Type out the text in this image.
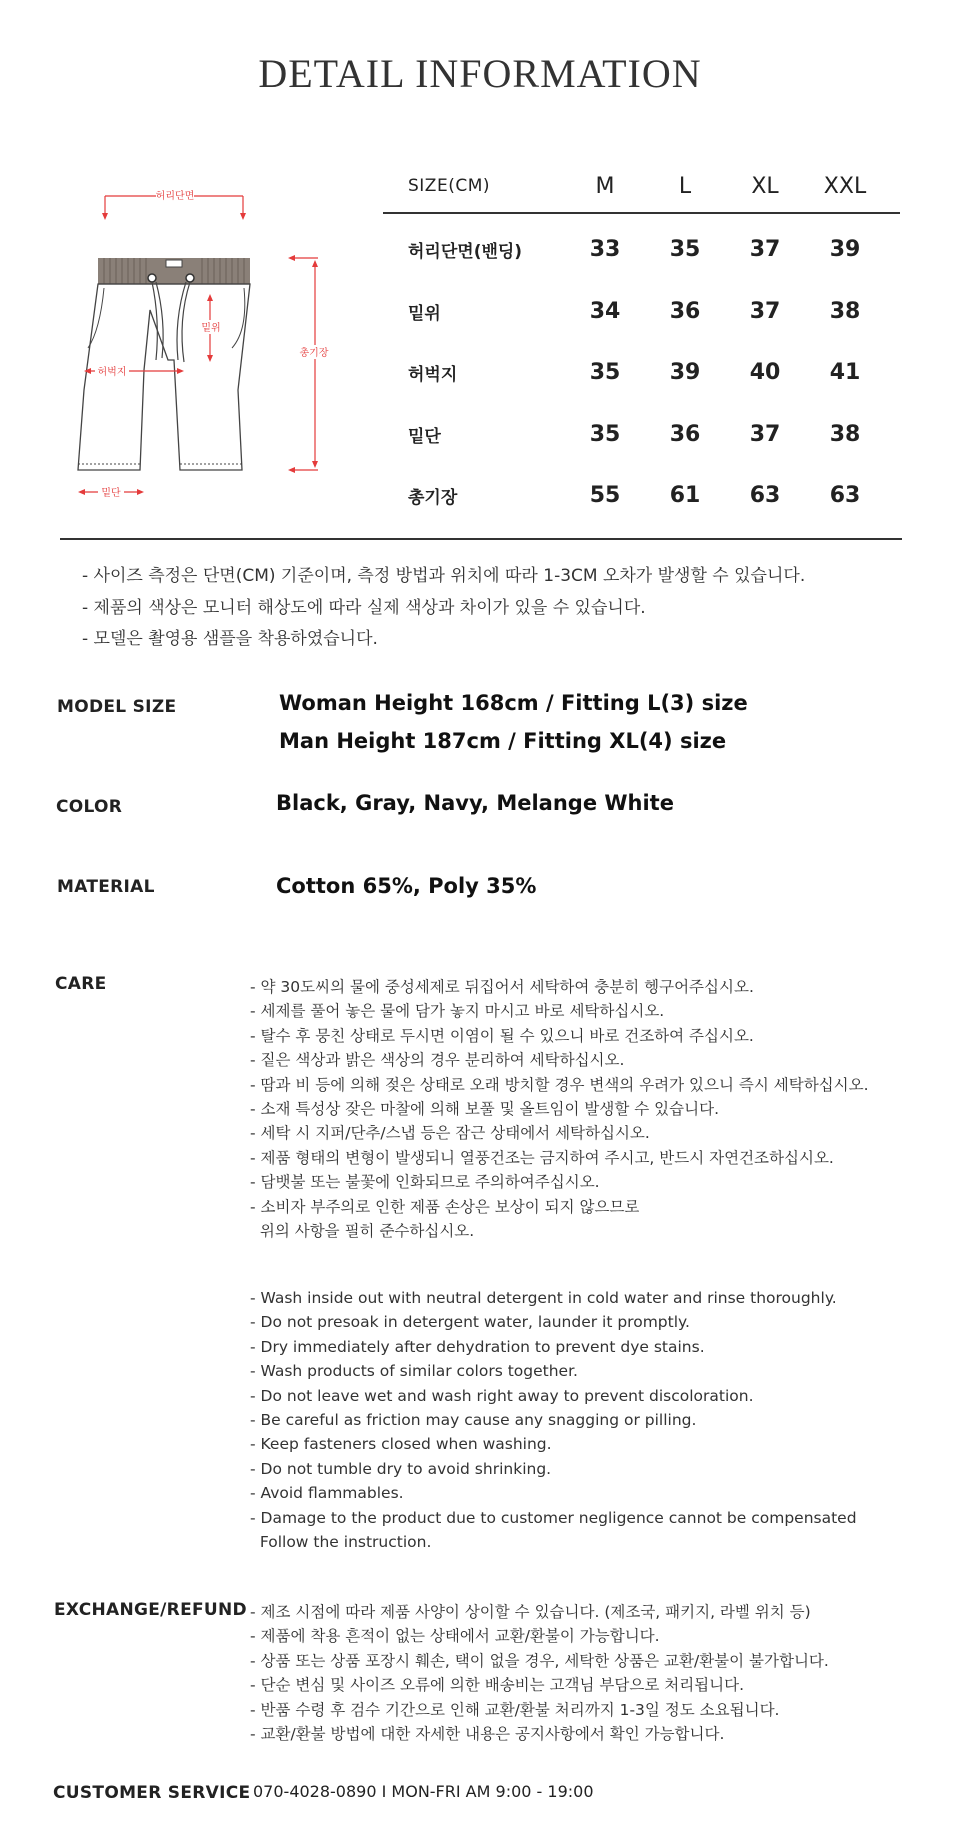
DETAIL INFORMATION
허리단면
밑위
허벅지
총기장
밑단
SIZE(CM)	M	L	XL	XXL
허리단면(밴딩)	33	35	37	39
밑위	34	36	37	38
허벅지	35	39	40	41
밑단	35	36	37	38
총기장	55	61	63	63
- 사이즈 측정은 단면(CM) 기준이며, 측정 방법과 위치에 따라 1-3CM 오차가 발생할 수 있습니다.
- 제품의 색상은 모니터 해상도에 따라 실제 색상과 차이가 있을 수 있습니다.
- 모델은 촬영용 샘플을 착용하였습니다.
MODEL SIZE	Woman Height 168cm / Fitting L(3) size
Man Height 187cm / Fitting XL(4) size
COLOR	Black, Gray, Navy, Melange White
MATERIAL	Cotton 65%, Poly 35%
CARE	- 약 30도씨의 물에 중성세제로 뒤집어서 세탁하여 충분히 헹구어주십시오.
- 세제를 풀어 놓은 물에 담가 놓지 마시고 바로 세탁하십시오.
- 탈수 후 뭉친 상태로 두시면 이염이 될 수 있으니 바로 건조하여 주십시오.
- 짙은 색상과 밝은 색상의 경우 분리하여 세탁하십시오.
- 땀과 비 등에 의해 젖은 상태로 오래 방치할 경우 변색의 우려가 있으니 즉시 세탁하십시오.
- 소재 특성상 잦은 마찰에 의해 보풀 및 올트임이 발생할 수 있습니다.
- 세탁 시 지퍼/단추/스냅 등은 잠근 상태에서 세탁하십시오.
- 제품 형태의 변형이 발생되니 열풍건조는 금지하여 주시고, 반드시 자연건조하십시오.
- 담뱃불 또는 불꽃에 인화되므로 주의하여주십시오.
- 소비자 부주의로 인한 제품 손상은 보상이 되지 않으므로
위의 사항을 필히 준수하십시오.
- Wash inside out with neutral detergent in cold water and rinse thoroughly.
- Do not presoak in detergent water, launder it promptly.
- Dry immediately after dehydration to prevent dye stains.
- Wash products of similar colors together.
- Do not leave wet and wash right away to prevent discoloration.
- Be careful as friction may cause any snagging or pilling.
- Keep fasteners closed when washing.
- Do not tumble dry to avoid shrinking.
- Avoid flammables.
- Damage to the product due to customer negligence cannot be compensated
Follow the instruction.
EXCHANGE/REFUND - 제조 시점에 따라 제품 사양이 상이할 수 있습니다. (제조국, 패키지, 라벨 위치 등)
- 제품에 착용 흔적이 없는 상태에서 교환/환불이 가능합니다.
- 상품 또는 상품 포장시 훼손, 택이 없을 경우, 세탁한 상품은 교환/환불이 불가합니다.
- 단순 변심 및 사이즈 오류에 의한 배송비는 고객님 부담으로 처리됩니다.
- 반품 수령 후 검수 기간으로 인해 교환/환불 처리까지 1-3일 정도 소요됩니다.
- 교환/환불 방법에 대한 자세한 내용은 공지사항에서 확인 가능합니다.
CUSTOMER SERVICE 070-4028-0890 I MON-FRI AM 9:00 - 19:00
